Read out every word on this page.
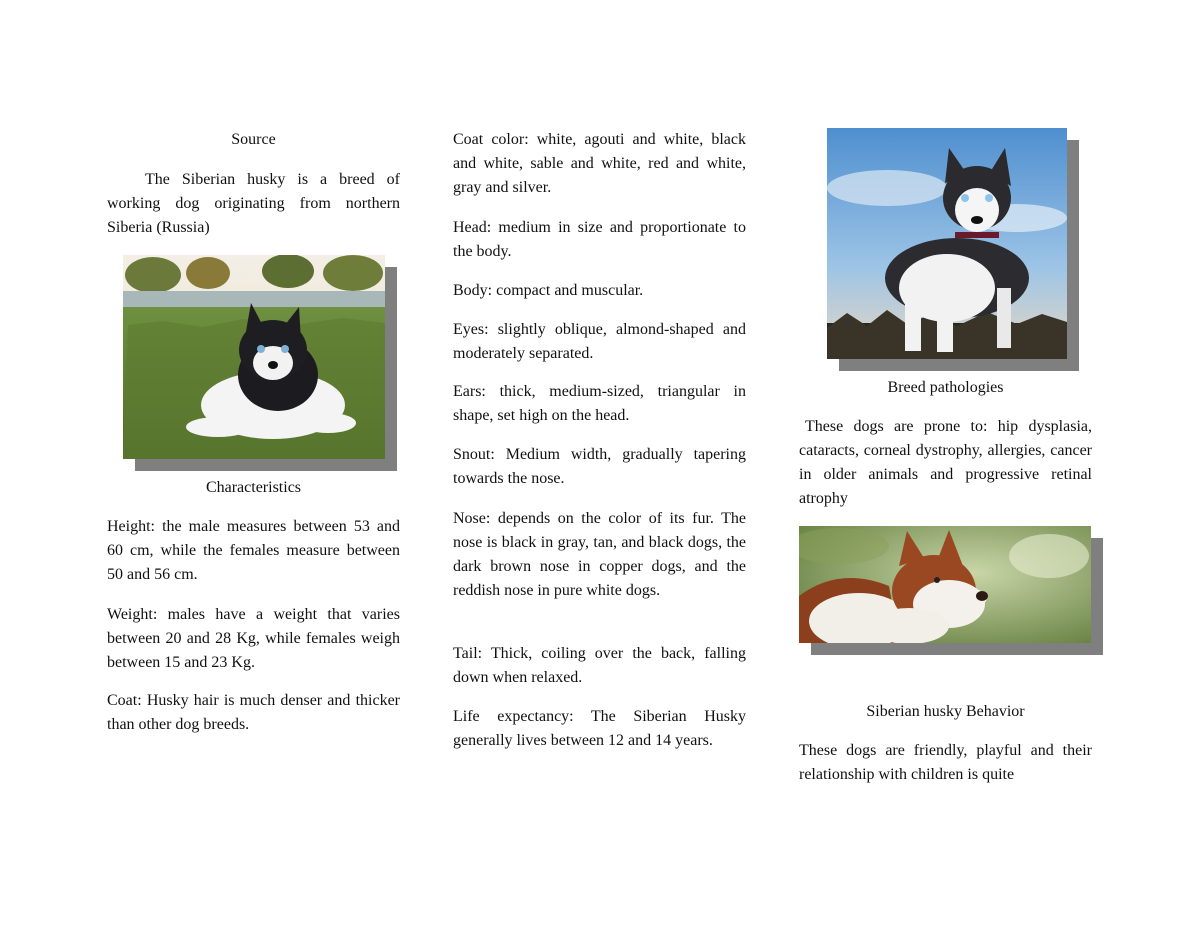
Source

The Siberian husky is a breed of working dog originating from northern Siberia (Russia)

Characteristics

Height: the male measures between 53 and 60 cm, while the females measure between 50 and 56 cm.

Weight: males have a weight that varies between 20 and 28 Kg, while females weigh between 15 and 23 Kg.

Coat: Husky hair is much denser and thicker than other dog breeds.

Coat color: white, agouti and white, black and white, sable and white, red and white, gray and silver.

Head: medium in size and proportionate to the body.

Body: compact and muscular.

Eyes: slightly oblique, almond-shaped and moderately separated.

Ears: thick, medium-sized, triangular in shape, set high on the head.

Snout: Medium width, gradually tapering towards the nose.

Nose: depends on the color of its fur. The nose is black in gray, tan, and black dogs, the dark brown nose in copper dogs, and the reddish nose in pure white dogs.

Tail: Thick, coiling over the back, falling down when relaxed.

Life expectancy: The Siberian Husky generally lives between 12 and 14 years.

Breed pathologies

These dogs are prone to: hip dysplasia, cataracts, corneal dystrophy, allergies, cancer in older animals and progressive retinal atrophy

Siberian husky Behavior

These dogs are friendly, playful and their relationship with children is quite
